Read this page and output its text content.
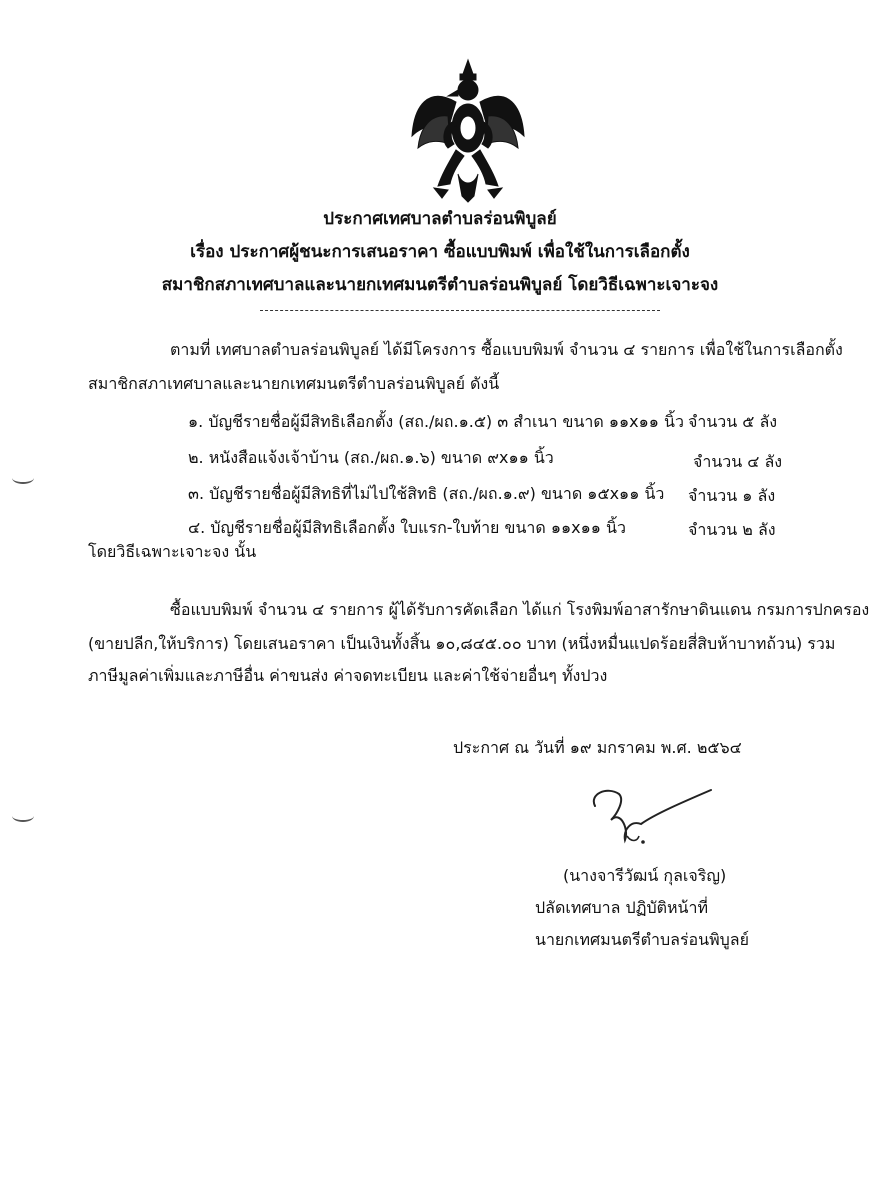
ประกาศเทศบาลตำบลร่อนพิบูลย์
เรื่อง ประกาศผู้ชนะการเสนอราคา ซื้อแบบพิมพ์ เพื่อใช้ในการเลือกตั้ง
สมาชิกสภาเทศบาลและนายกเทศมนตรีตำบลร่อนพิบูลย์ โดยวิธีเฉพาะเจาะจง
ตามที่ เทศบาลตำบลร่อนพิบูลย์ ได้มีโครงการ ซื้อแบบพิมพ์ จำนวน ๔ รายการ เพื่อใช้ในการเลือกตั้ง
สมาชิกสภาเทศบาลและนายกเทศมนตรีตำบลร่อนพิบูลย์ ดังนี้
๑. บัญชีรายชื่อผู้มีสิทธิเลือกตั้ง (สถ./ผถ.๑.๕) ๓ สำเนา ขนาด ๑๑x๑๑ นิ้ว จำนวน ๕ ลัง
๒. หนังสือแจ้งเจ้าบ้าน (สถ./ผถ.๑.๖) ขนาด ๙x๑๑ นิ้ว	จำนวน ๔ ลัง
๓. บัญชีรายชื่อผู้มีสิทธิที่ไม่ไปใช้สิทธิ (สถ./ผถ.๑.๙) ขนาด ๑๕x๑๑ นิ้ว จำนวน ๑ ลัง
๔. บัญชีรายชื่อผู้มีสิทธิเลือกตั้ง ใบแรก-ใบท้าย ขนาด ๑๑x๑๑ นิ้ว	จำนวน ๒ ลัง
โดยวิธีเฉพาะเจาะจง นั้น
ซื้อแบบพิมพ์ จำนวน ๔ รายการ ผู้ได้รับการคัดเลือก ได้แก่ โรงพิมพ์อาสารักษาดินแดน กรมการปกครอง
(ขายปลีก,ให้บริการ) โดยเสนอราคา เป็นเงินทั้งสิ้น ๑๐,๘๔๕.๐๐ บาท (หนึ่งหมื่นแปดร้อยสี่สิบห้าบาทถ้วน) รวม
ภาษีมูลค่าเพิ่มและภาษีอื่น ค่าขนส่ง ค่าจดทะเบียน และค่าใช้จ่ายอื่นๆ ทั้งปวง
ประกาศ ณ วันที่ ๑๙ มกราคม พ.ศ. ๒๕๖๔
(นางจารีวัฒน์ กุลเจริญ)
ปลัดเทศบาล ปฏิบัติหน้าที่
นายกเทศมนตรีตำบลร่อนพิบูลย์
